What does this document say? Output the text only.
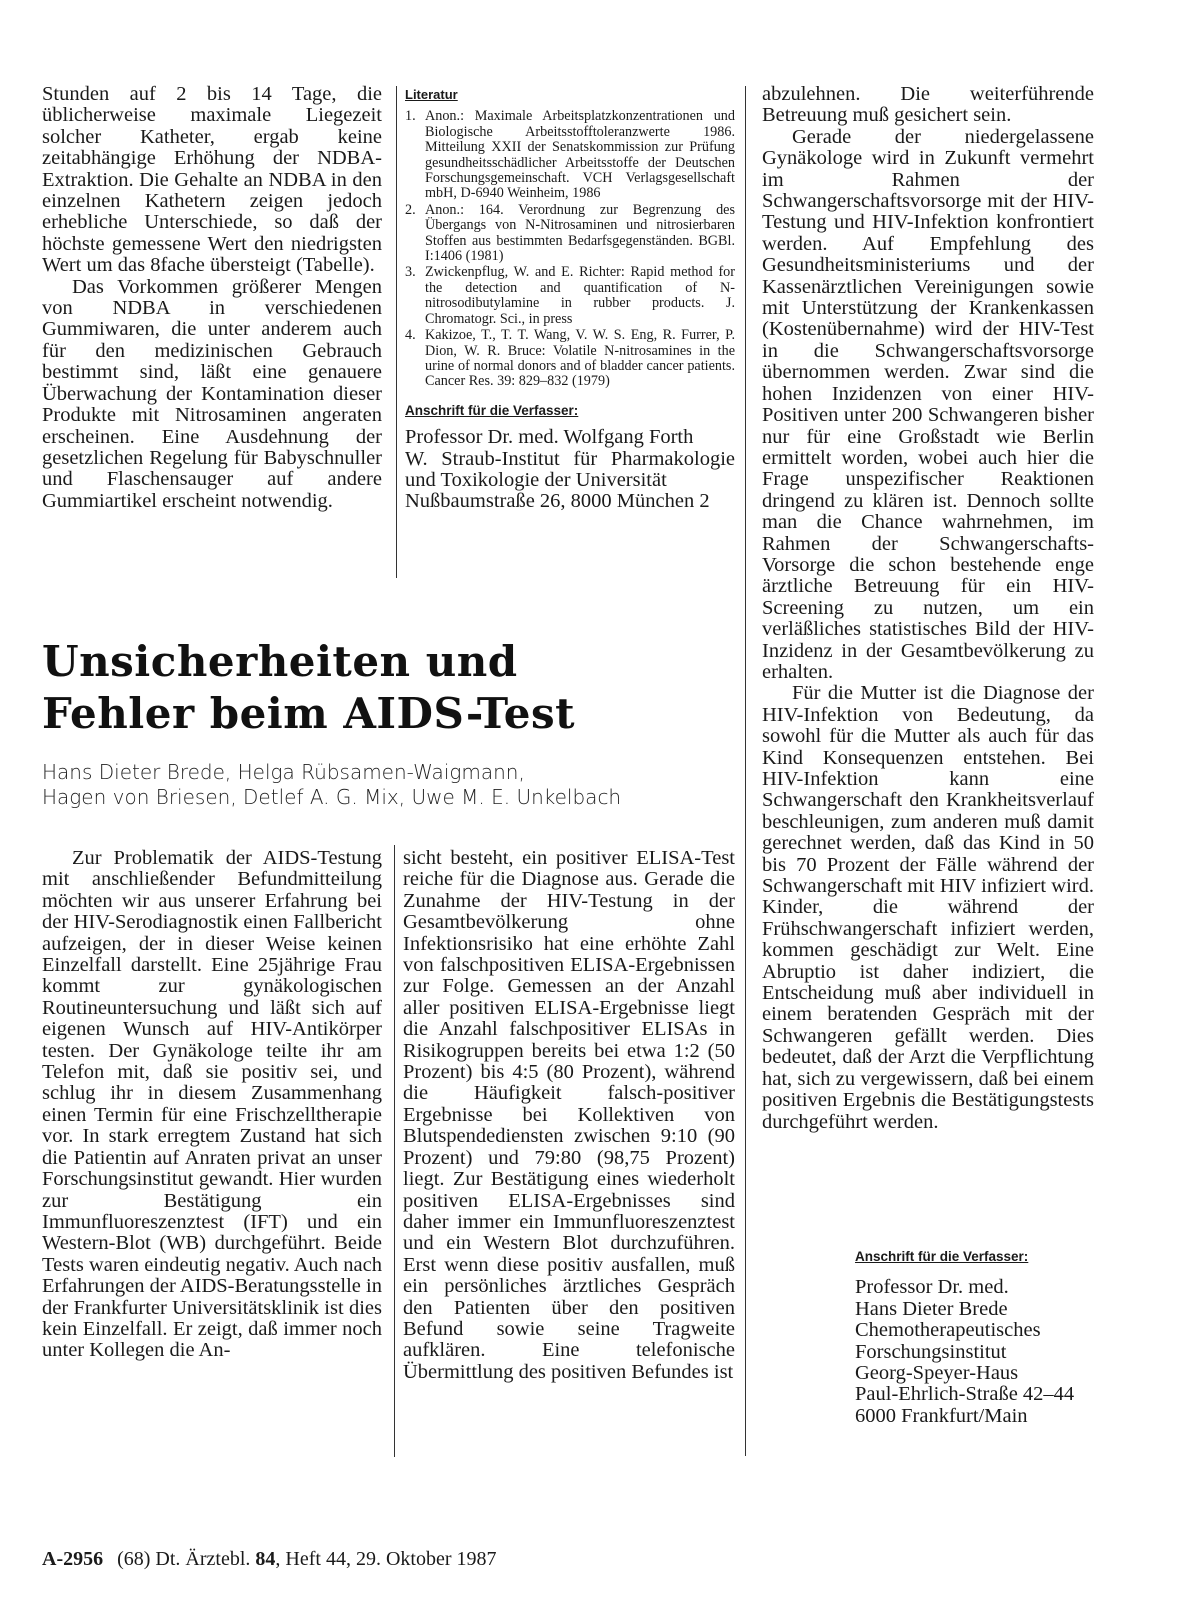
Stunden auf 2 bis 14 Tage, die üblicherweise maximale Liegezeit solcher Katheter, ergab keine zeitabhängige Erhöhung der NDBA-Extraktion. Die Gehalte an NDBA in den einzelnen Kathetern zeigen jedoch erhebliche Unterschiede, so daß der höchste gemessene Wert den niedrigsten Wert um das 8fache übersteigt (Tabelle).

Das Vorkommen größerer Mengen von NDBA in verschiedenen Gummiwaren, die unter anderem auch für den medizinischen Gebrauch bestimmt sind, läßt eine genauere Überwachung der Kontamination dieser Produkte mit Nitrosaminen angeraten erscheinen. Eine Ausdehnung der gesetzlichen Regelung für Babyschnuller und Flaschensauger auf andere Gummiartikel erscheint notwendig.

Literatur
1. Anon.: Maximale Arbeitsplatzkonzentrationen und Biologische Arbeitsstofftoleranzwerte 1986. Mitteilung XXII der Senatskommission zur Prüfung gesundheitsschädlicher Arbeitsstoffe der Deutschen Forschungsgemeinschaft. VCH Verlagsgesellschaft mbH, D-6940 Weinheim, 1986
2. Anon.: 164. Verordnung zur Begrenzung des Übergangs von N-Nitrosaminen und nitrosierbaren Stoffen aus bestimmten Bedarfsgegenständen. BGBl. I:1406 (1981)
3. Zwickenpflug, W. and E. Richter: Rapid method for the detection and quantification of N-nitrosodibutylamine in rubber products. J. Chromatogr. Sci., in press
4. Kakizoe, T., T. T. Wang, V. W. S. Eng, R. Furrer, P. Dion, W. R. Bruce: Volatile N-nitrosamines in the urine of normal donors and of bladder cancer patients. Cancer Res. 39: 829–832 (1979)
Anschrift für die Verfasser:
Professor Dr. med. Wolfgang Forth
W. Straub-Institut für Pharmakologie und Toxikologie der Universität
Nußbaumstraße 26, 8000 München 2
Unsicherheiten und
Fehler beim AIDS-Test
Hans Dieter Brede, Helga Rübsamen-Waigmann,
Hagen von Briesen, Detlef A. G. Mix, Uwe M. E. Unkelbach

Zur Problematik der AIDS-Testung mit anschließender Befundmitteilung möchten wir aus unserer Erfahrung bei der HIV-Serodiagnostik einen Fallbericht aufzeigen, der in dieser Weise keinen Einzelfall darstellt. Eine 25jährige Frau kommt zur gynäkologischen Routineuntersuchung und läßt sich auf eigenen Wunsch auf HIV-Antikörper testen. Der Gynäkologe teilte ihr am Telefon mit, daß sie positiv sei, und schlug ihr in diesem Zusammenhang einen Termin für eine Frischzelltherapie vor. In stark erregtem Zustand hat sich die Patientin auf Anraten privat an unser Forschungsinstitut gewandt. Hier wurden zur Bestätigung ein Immunfluoreszenztest (IFT) und ein Western-Blot (WB) durchgeführt. Beide Tests waren eindeutig negativ. Auch nach Erfahrungen der AIDS-Beratungsstelle in der Frankfurter Universitätsklinik ist dies kein Einzelfall. Er zeigt, daß immer noch unter Kollegen die An-

sicht besteht, ein positiver ELISA-Test reiche für die Diagnose aus. Gerade die Zunahme der HIV-Testung in der Gesamtbevölkerung ohne Infektionsrisiko hat eine erhöhte Zahl von falschpositiven ELISA-Ergebnissen zur Folge. Gemessen an der Anzahl aller positiven ELISA-Ergebnisse liegt die Anzahl falschpositiver ELISAs in Risikogruppen bereits bei etwa 1:2 (50 Prozent) bis 4:5 (80 Prozent), während die Häufigkeit falsch-positiver Ergebnisse bei Kollektiven von Blutspendediensten zwischen 9:10 (90 Prozent) und 79:80 (98,75 Prozent) liegt. Zur Bestätigung eines wiederholt positiven ELISA-Ergebnisses sind daher immer ein Immunfluoreszenztest und ein Western Blot durchzuführen. Erst wenn diese positiv ausfallen, muß ein persönliches ärztliches Gespräch den Patienten über den positiven Befund sowie seine Tragweite aufklären. Eine telefonische Übermittlung des positiven Befundes ist

abzulehnen. Die weiterführende Betreuung muß gesichert sein.

Gerade der niedergelassene Gynäkologe wird in Zukunft vermehrt im Rahmen der Schwangerschaftsvorsorge mit der HIV-Testung und HIV-Infektion konfrontiert werden. Auf Empfehlung des Gesundheitsministeriums und der Kassenärztlichen Vereinigungen sowie mit Unterstützung der Krankenkassen (Kostenübernahme) wird der HIV-Test in die Schwangerschaftsvorsorge übernommen werden. Zwar sind die hohen Inzidenzen von einer HIV-Positiven unter 200 Schwangeren bisher nur für eine Großstadt wie Berlin ermittelt worden, wobei auch hier die Frage unspezifischer Reaktionen dringend zu klären ist. Dennoch sollte man die Chance wahrnehmen, im Rahmen der Schwangerschafts-Vorsorge die schon bestehende enge ärztliche Betreuung für ein HIV-Screening zu nutzen, um ein verläßliches statistisches Bild der HIV-Inzidenz in der Gesamtbevölkerung zu erhalten.

Für die Mutter ist die Diagnose der HIV-Infektion von Bedeutung, da sowohl für die Mutter als auch für das Kind Konsequenzen entstehen. Bei HIV-Infektion kann eine Schwangerschaft den Krankheitsverlauf beschleunigen, zum anderen muß damit gerechnet werden, daß das Kind in 50 bis 70 Prozent der Fälle während der Schwangerschaft mit HIV infiziert wird. Kinder, die während der Frühschwangerschaft infiziert werden, kommen geschädigt zur Welt. Eine Abruptio ist daher indiziert, die Entscheidung muß aber individuell in einem beratenden Gespräch mit der Schwangeren gefällt werden. Dies bedeutet, daß der Arzt die Verpflichtung hat, sich zu vergewissern, daß bei einem positiven Ergebnis die Bestätigungstests durchgeführt werden.

Anschrift für die Verfasser:
Professor Dr. med.
Hans Dieter Brede
Chemotherapeutisches
Forschungsinstitut
Georg-Speyer-Haus
Paul-Ehrlich-Straße 42–44
6000 Frankfurt/Main
A-2956 (68) Dt. Ärztebl. 84, Heft 44, 29. Oktober 1987
